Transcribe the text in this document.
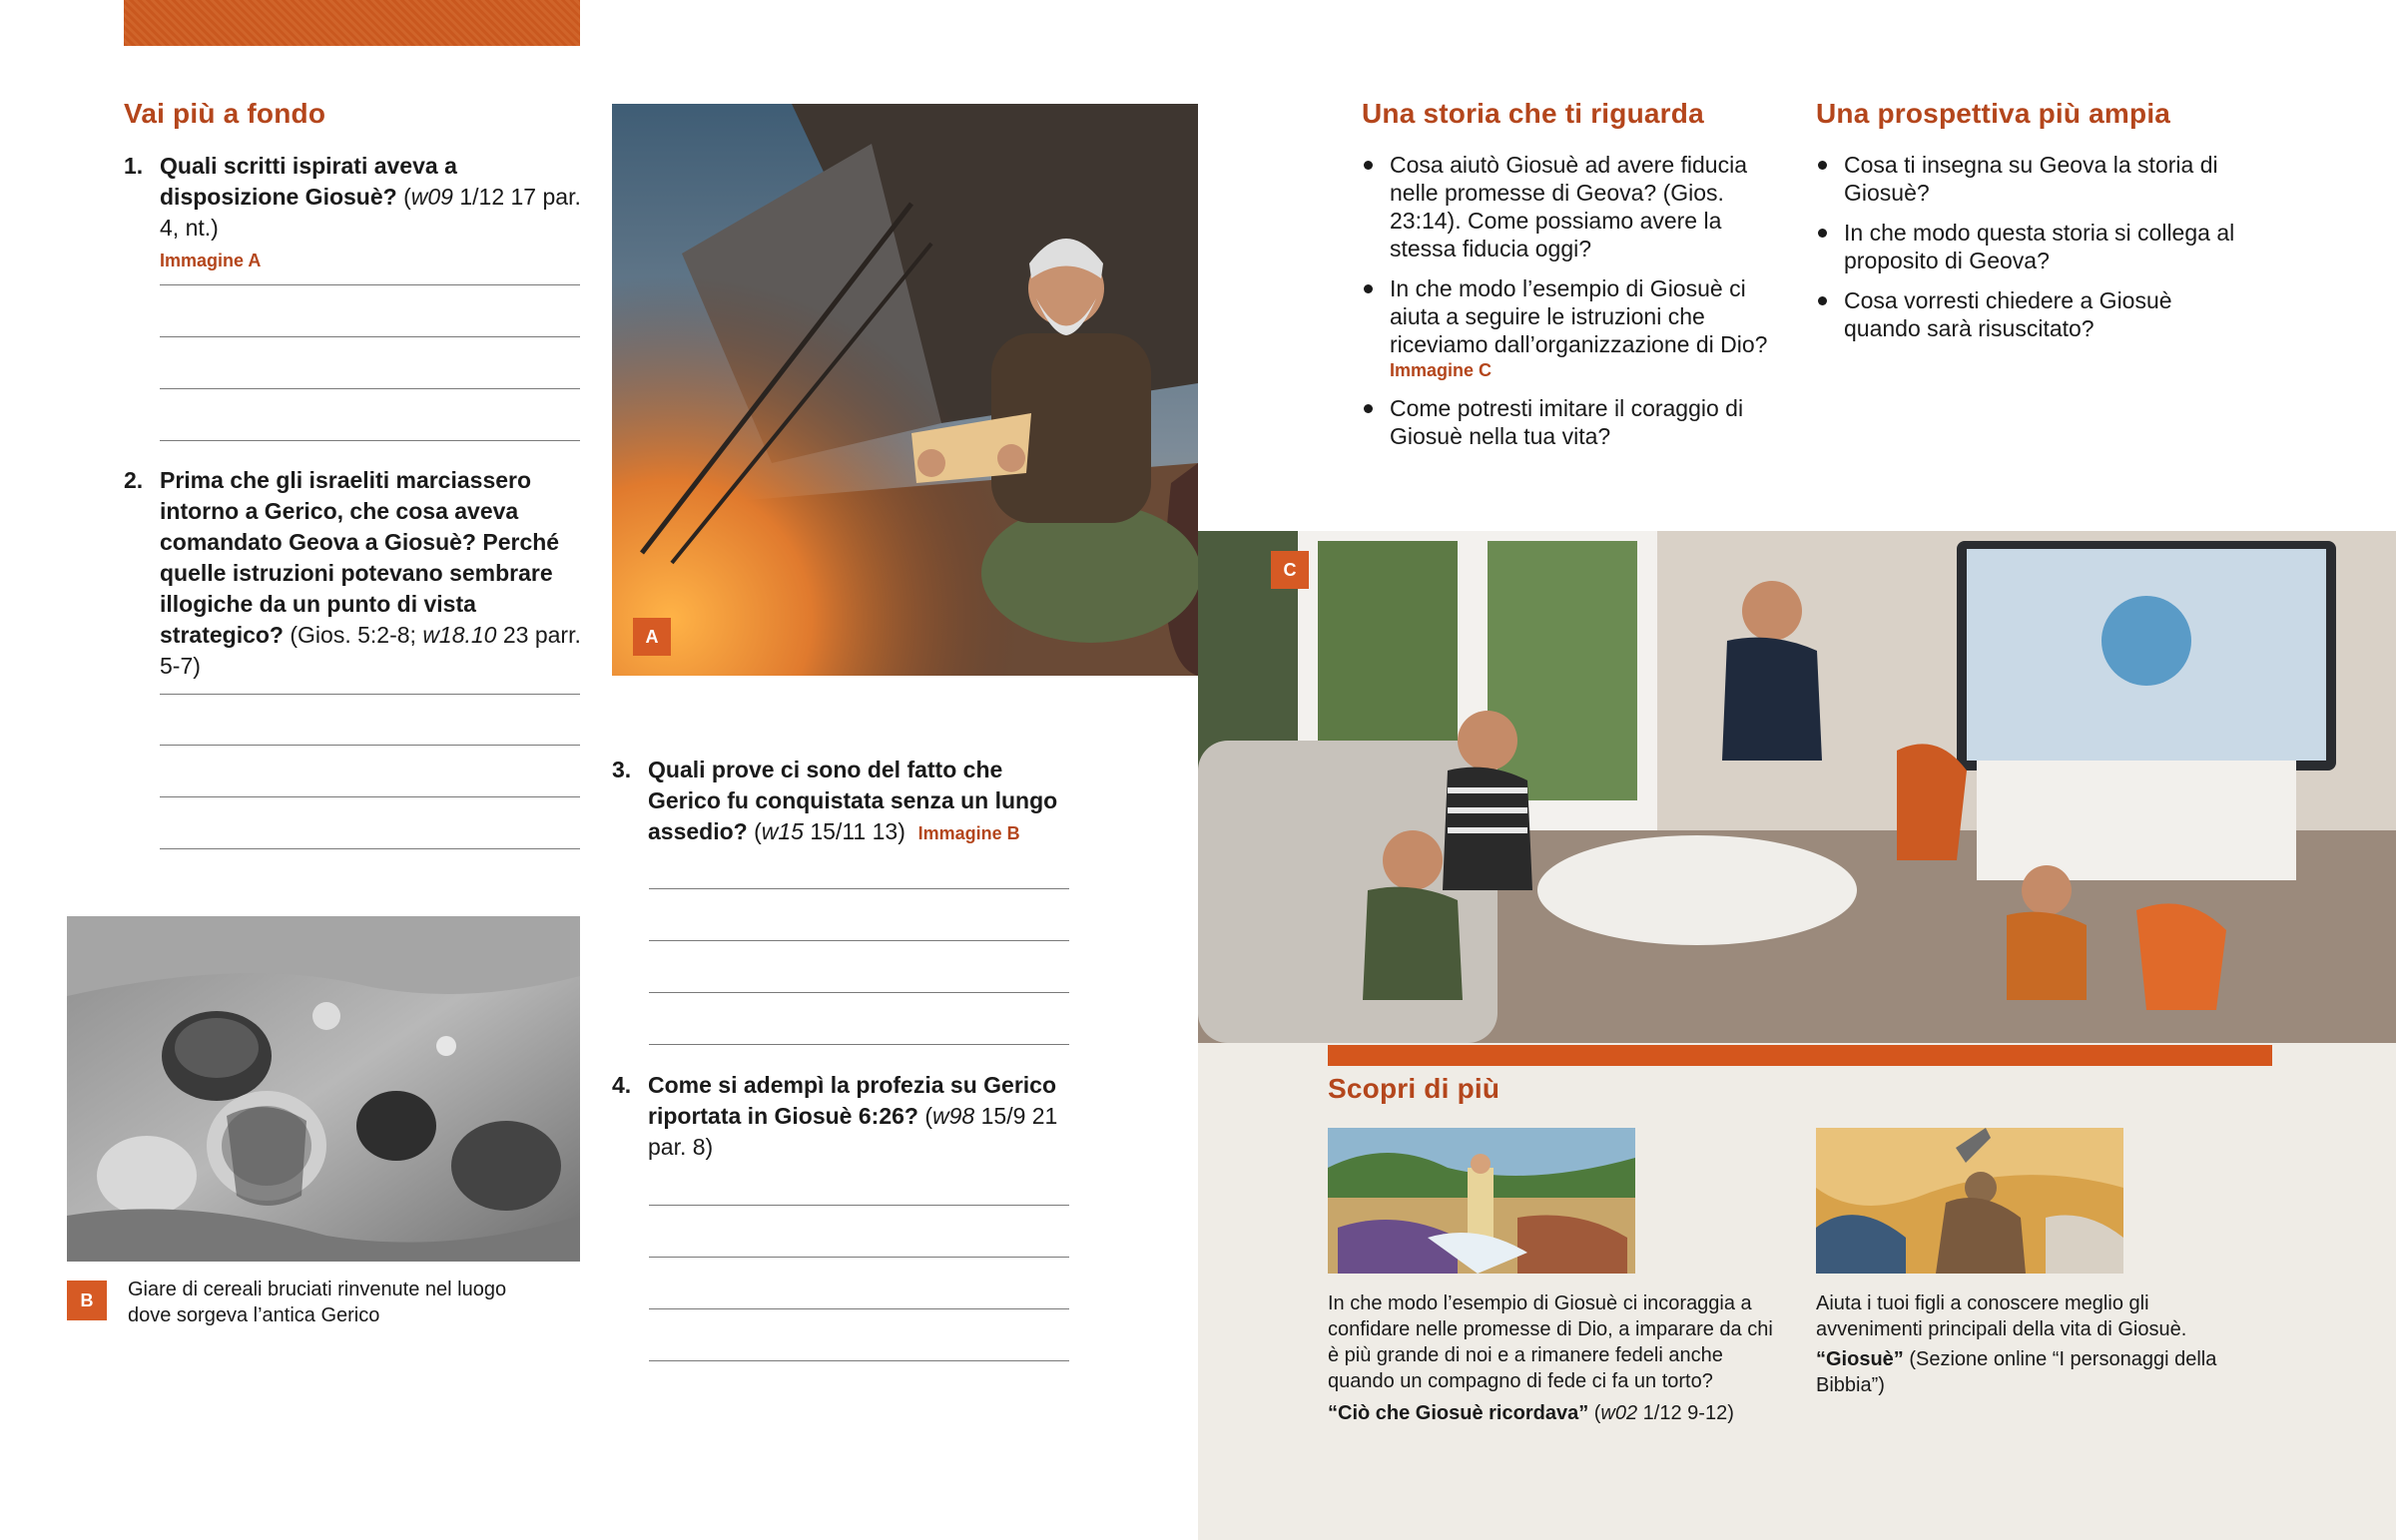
Vai più a fondo
1. Quali scritti ispirati aveva a disposizione Giosuè? (w09 1/12 17 par. 4, nt.)
Immagine A
2. Prima che gli israeliti marciassero intorno a Gerico, che cosa aveva comandato Geova a Giosuè? Perché quelle istruzioni potevano sembrare illogiche da un punto di vista strategico? (Gios. 5:2-8; w18.10 23 parr. 5-7)
B	Giare di cereali bruciati rinvenute nel luogo dove sorgeva l’antica Gerico
A
3. Quali prove ci sono del fatto che Gerico fu conquistata senza un lungo assedio? (w15 15/11 13) Immagine B
4. Come si adempì la profezia su Gerico riportata in Giosuè 6:26? (w98 15/9 21 par. 8)
Una storia che ti riguarda
Cosa aiutò Giosuè ad avere fiducia nelle promesse di Geova? (Gios. 23:14). Come possiamo avere la stessa fiducia oggi?
In che modo l’esempio di Giosuè ci aiuta a seguire le istruzioni che riceviamo dall’organizzazione di Dio?
Immagine C
Come potresti imitare il coraggio di Giosuè nella tua vita?
Una prospettiva più ampia
Cosa ti insegna su Geova la storia di Giosuè?
In che modo questa storia si collega al proposito di Geova?
Cosa vorresti chiedere a Giosuè quando sarà risuscitato?
C
Scopri di più
In che modo l’esempio di Giosuè ci incoraggia a confidare nelle promesse di Dio, a imparare da chi è più grande di noi e a rimanere fedeli anche quando un compagno di fede ci fa un torto?
“Ciò che Giosuè ricordava” (w02 1/12 9-12)
Aiuta i tuoi figli a conoscere meglio gli avvenimenti principali della vita di Giosuè.
“Giosuè” (Sezione online “I personaggi della Bibbia”)
